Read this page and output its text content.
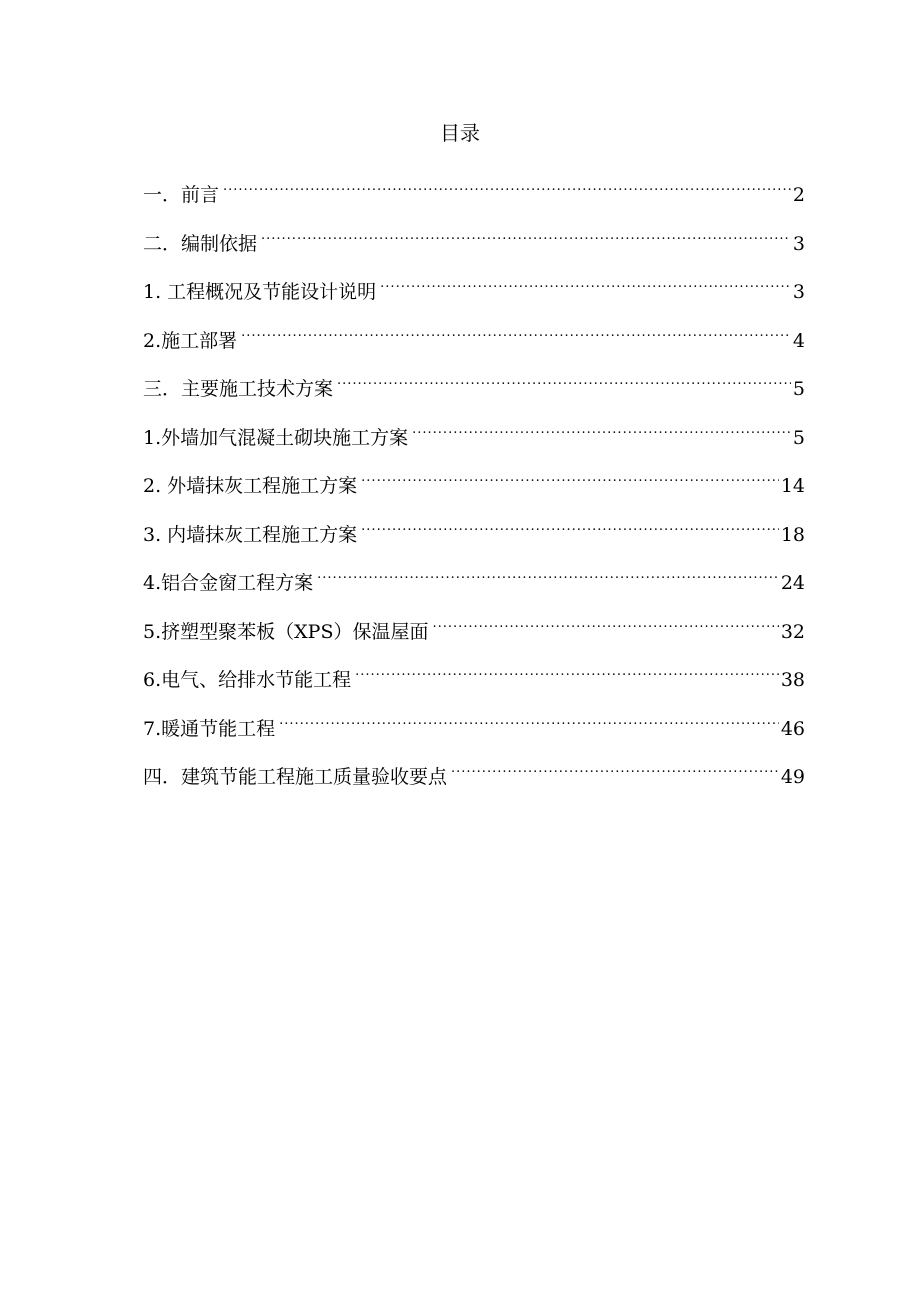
目录
一．前言 .....	2
二．编制依据 .....	3
1. 工程概况及节能设计说明 .....	3
2.施工部署 .....	4
三．主要施工技术方案 .....	5
1.外墙加气混凝土砌块施工方案 .....	5
2. 外墙抹灰工程施工方案 .....	14
3. 内墙抹灰工程施工方案 .....	18
4.铝合金窗工程方案 .....	24
5.挤塑型聚苯板（XPS）保温屋面 .....	32
6.电气、给排水节能工程 .....	38
7.暖通节能工程 .....	46
四．建筑节能工程施工质量验收要点 .....	49
